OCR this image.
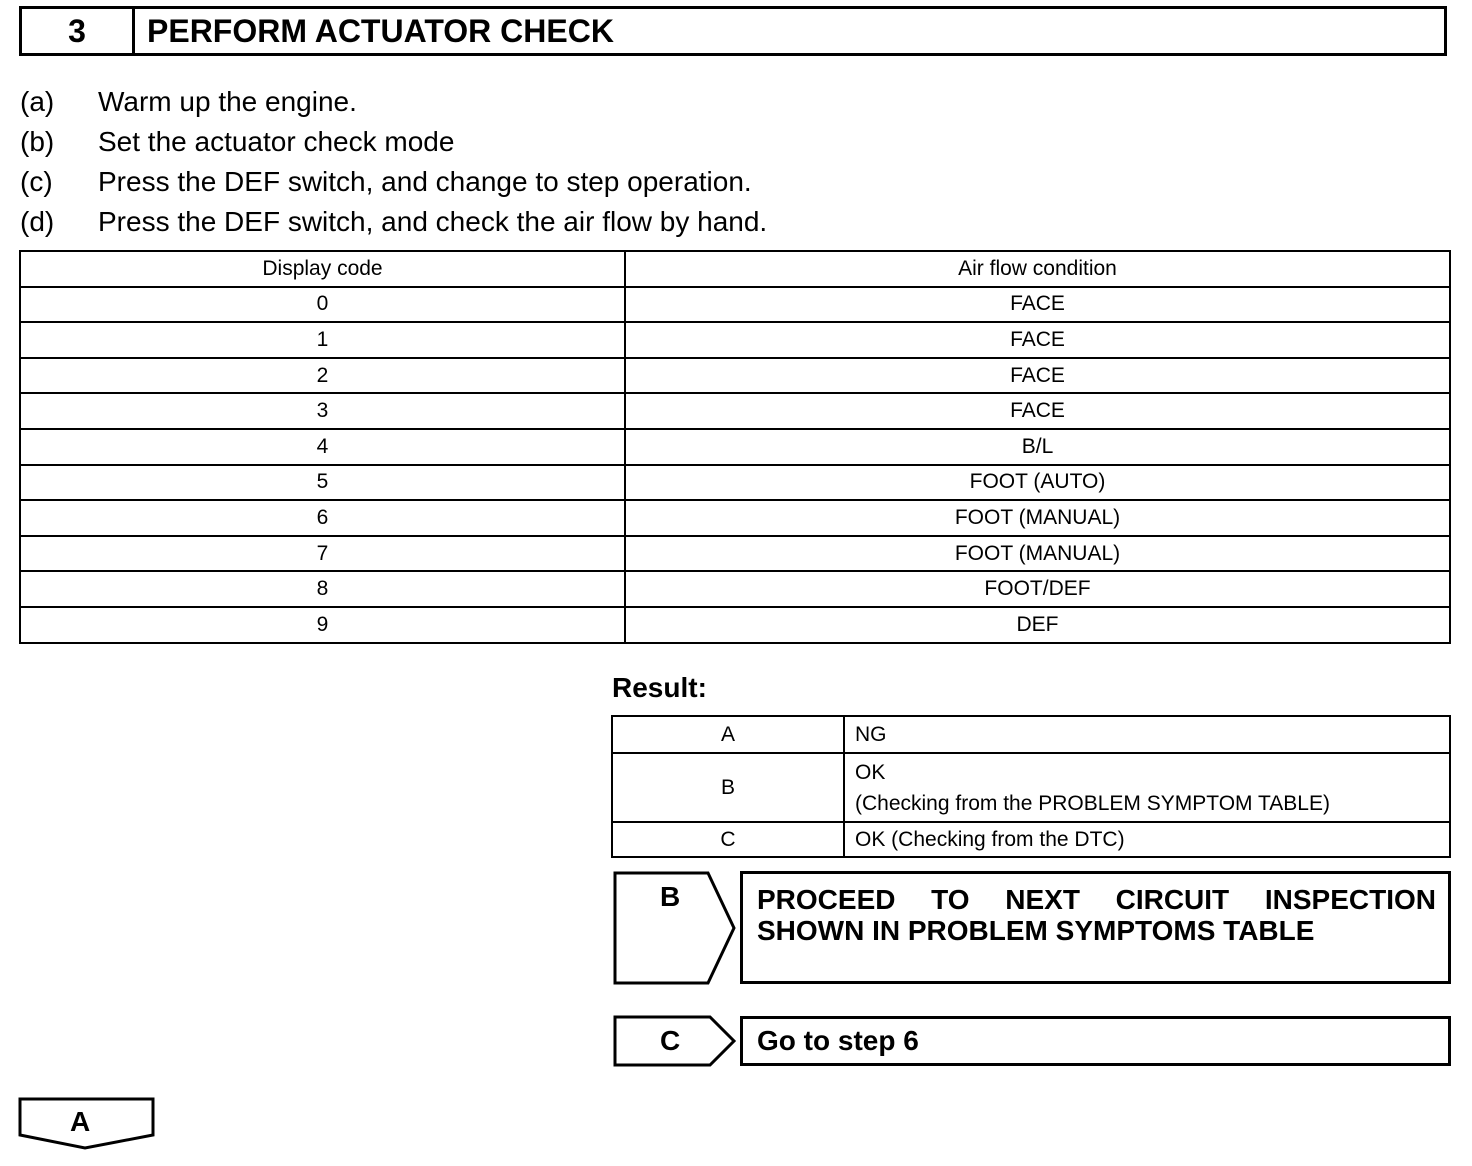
3	PERFORM ACTUATOR CHECK
(a) Warm up the engine.
(b) Set the actuator check mode
(c) Press the DEF switch, and change to step operation.
(d) Press the DEF switch, and check the air flow by hand.
Display code	Air flow condition
0	FACE
1	FACE
2	FACE
3	FACE
4	B/L
5	FOOT (AUTO)
6	FOOT (MANUAL)
7	FOOT (MANUAL)
8	FOOT/DEF
9	DEF
Result:
A	NG
B	OK
(Checking from the PROBLEM SYMPTOM TABLE)

C	OK (Checking from the DTC)
B	PROCEED TO NEXT CIRCUIT INSPECTION
SHOWN IN PROBLEM SYMPTOMS TABLE
C	Go to step 6
A
